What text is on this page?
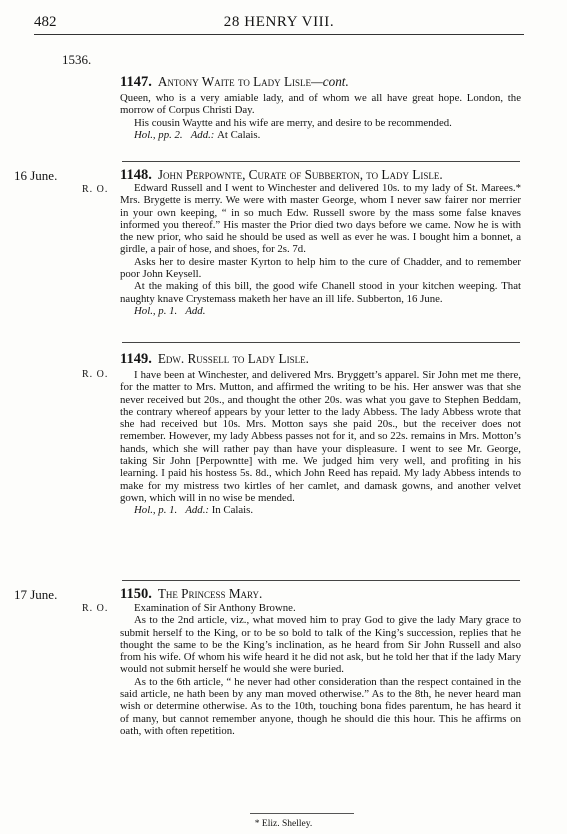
482	28 HENRY VIII.
1536.
1147. Antony Waite to Lady Lisle—cont.

Queen, who is a very amiable lady, and of whom we all have great hope. London, the morrow of Corpus Christi Day.

His cousin Waytte and his wife are merry, and desire to be recommended.

Hol., pp. 2. Add.: At Calais.
16 June.
R. O.
1148. John Perpownte, Curate of Subberton, to Lady Lisle.

Edward Russell and I went to Winchester and delivered 10s. to my lady of St. Marees.* Mrs. Brygette is merry. We were with master George, whom I never saw fairer nor merrier in your own keeping, “ in so much Edw. Russell swore by the mass some false knaves informed you thereof.” His master the Prior died two days before we came. Now he is with the new prior, who said he should be used as well as ever he was. I bought him a bonnet, a girdle, a pair of hose, and shoes, for 2s. 7d.

Asks her to desire master Kyrton to help him to the cure of Chadder, and to remember poor John Keysell.

At the making of this bill, the good wife Chanell stood in your kitchen weeping. That naughty knave Crystemass maketh her have an ill life. Subberton, 16 June.

Hol., p. 1. Add.
R. O.
1149. Edw. Russell to Lady Lisle.

I have been at Winchester, and delivered Mrs. Bryggett’s apparel. Sir John met me there, for the matter to Mrs. Mutton, and affirmed the writing to be his. Her answer was that she never received but 20s., and thought the other 20s. was what you gave to Stephen Beddam, the contrary whereof appears by your letter to the lady Abbess. The lady Abbess wrote that she had received but 10s. Mrs. Motton says she paid 20s., but the receiver does not remember. However, my lady Abbess passes not for it, and so 22s. remains in Mrs. Motton’s hands, which she will rather pay than have your displeasure. I went to see Mr. George, taking Sir John [Perpowntte] with me. We judged him very well, and profiting in his learning. I paid his hostess 5s. 8d., which John Reed has repaid. My lady Abbess intends to make for my mistress two kirtles of her camlet, and damask gowns, and another velvet gown, which will in no wise be mended.

Hol., p. 1. Add.: In Calais.
17 June.
R. O.
1150. The Princess Mary.

Examination of Sir Anthony Browne.

As to the 2nd article, viz., what moved him to pray God to give the lady Mary grace to submit herself to the King, or to be so bold to talk of the King’s succession, replies that he thought the same to be the King’s inclination, as he heard from Sir John Russell and also from his wife. Of whom his wife heard it he did not ask, but he told her that if the lady Mary would not submit herself he would she were buried.

As to the 6th article, “ he never had other consideration than the respect contained in the said article, ne hath been by any man moved otherwise.” As to the 8th, he never heard man wish or determine otherwise. As to the 10th, touching bona fides parentum, he has heard it of many, but cannot remember anyone, though he should die this hour. This he affirms on oath, with often repetition.

* Eliz. Shelley.
